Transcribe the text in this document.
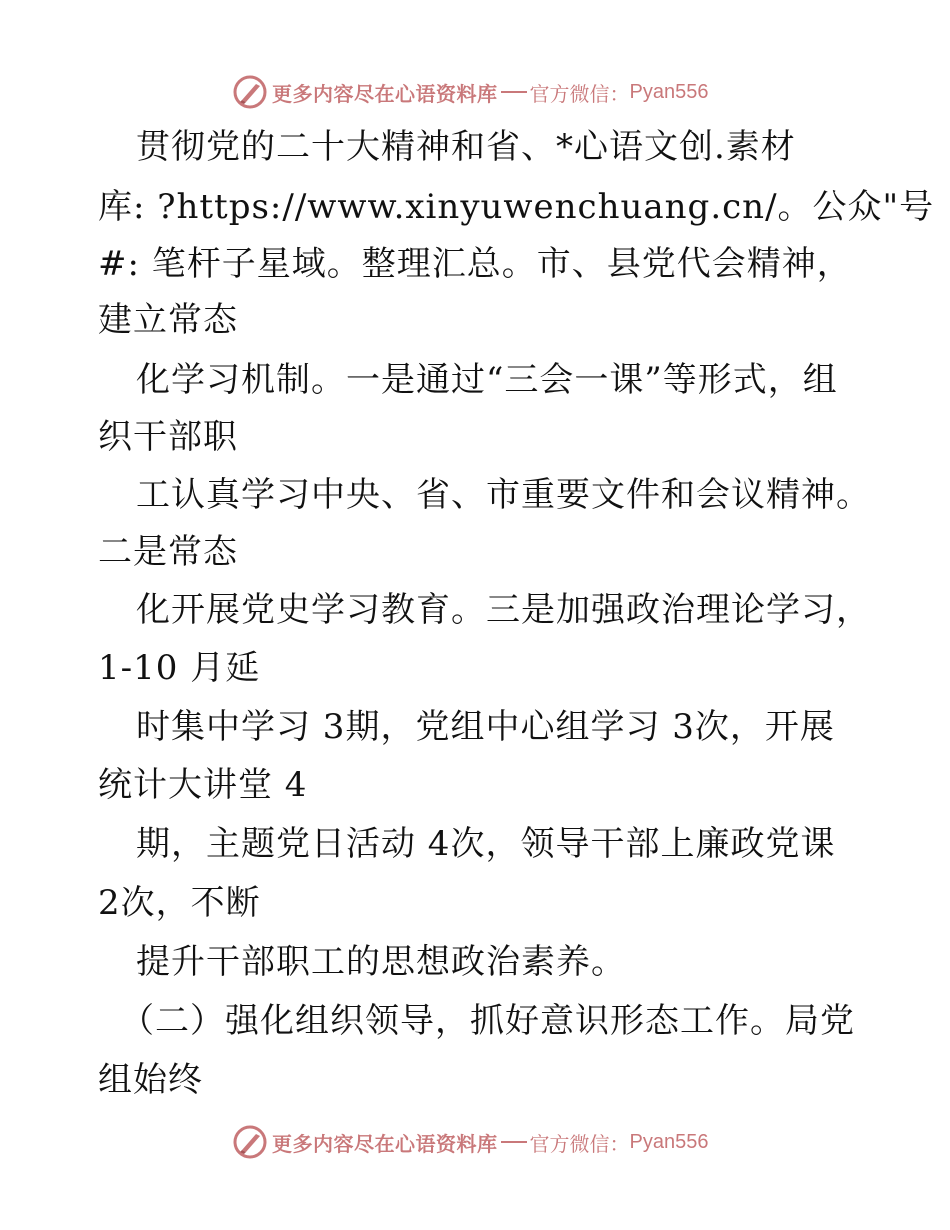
更多内容尽在心语资料库 官方微信： Pyan556
贯彻党的二十大精神和省、*心语文创.素材
库: ?https://www.xinyuwenchuang.cn/。公众"号
#: 笔杆子星域。整理汇总。市、县党代会精神，
建立常态
化学习机制。一是通过“三会一课”等形式，组
织干部职
工认真学习中央、省、市重要文件和会议精神。
二是常态
化开展党史学习教育。三是加强政治理论学习，
1-10 月延
时集中学习 3期，党组中心组学习 3次，开展
统计大讲堂 4
期，主题党日活动 4次，领导干部上廉政党课
2次，不断
提升干部职工的思想政治素养。
（二）强化组织领导，抓好意识形态工作。局党
组始终
更多内容尽在心语资料库 官方微信： Pyan556
